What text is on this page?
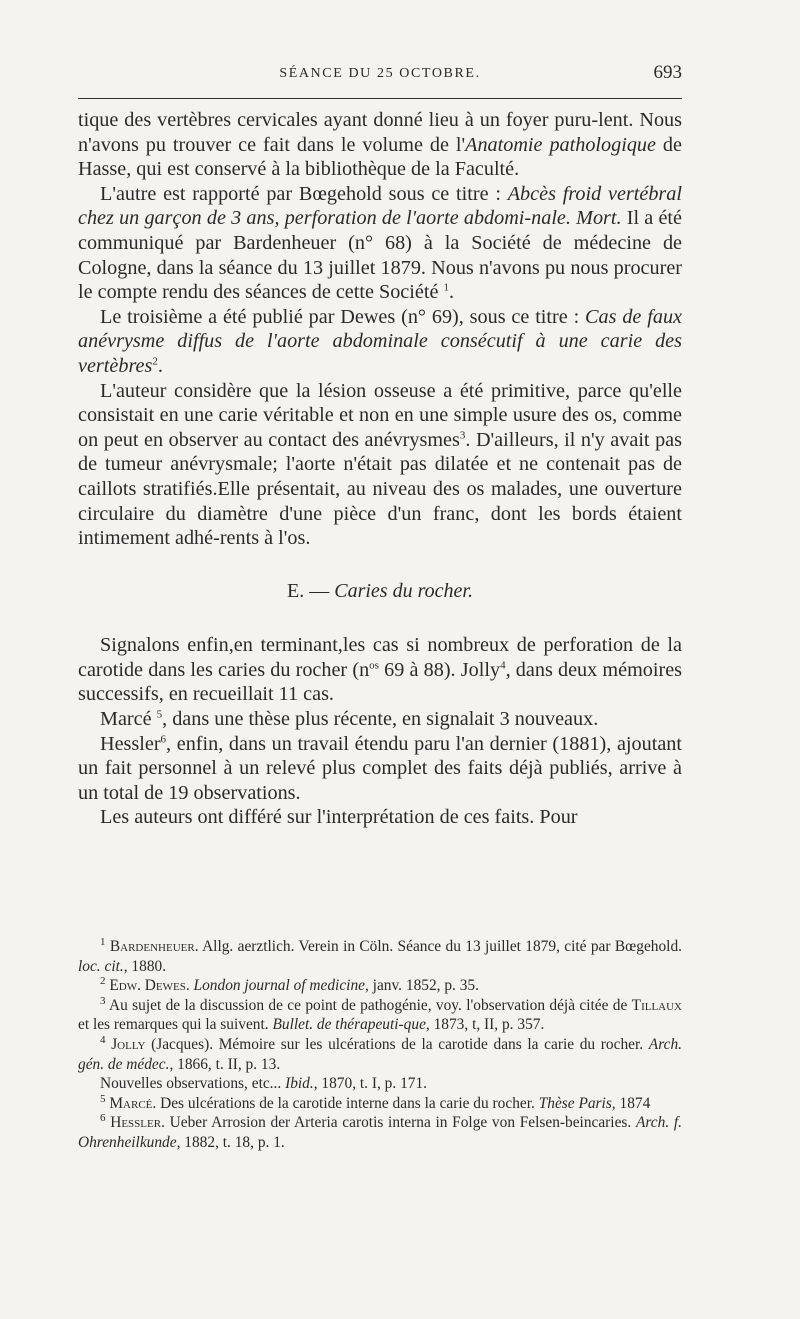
SÉANCE DU 25 OCTOBRE.	693

tique des vertèbres cervicales ayant donné lieu à un foyer puru-lent. Nous n'avons pu trouver ce fait dans le volume de l'Anatomie pathologique de Hasse, qui est conservé à la bibliothèque de la Faculté.

L'autre est rapporté par Bœgehold sous ce titre : Abcès froid vertébral chez un garçon de 3 ans, perforation de l'aorte abdomi-nale. Mort. Il a été communiqué par Bardenheuer (n° 68) à la Société de médecine de Cologne, dans la séance du 13 juillet 1879. Nous n'avons pu nous procurer le compte rendu des séances de cette Société $^1$.

Le troisième a été publié par Dewes (n° 69), sous ce titre : Cas de faux anévrysme diffus de l'aorte abdominale consécutif à une carie des vertèbres$^2$.

L'auteur considère que la lésion osseuse a été primitive, parce qu'elle consistait en une carie véritable et non en une simple usure des os, comme on peut en observer au contact des anévrysmes$^3$. D'ailleurs, il n'y avait pas de tumeur anévrysmale; l'aorte n'était pas dilatée et ne contenait pas de caillots stratifiés.Elle présentait, au niveau des os malades, une ouverture circulaire du diamètre d'une pièce d'un franc, dont les bords étaient intimement adhé-rents à l'os.

E. — Caries du rocher.

Signalons enfin,en terminant,les cas si nombreux de perforation de la carotide dans les caries du rocher ($n^{os}$ 69 à 88). Jolly$^4$, dans deux mémoires successifs, en recueillait 11 cas.

Marcé $^5$, dans une thèse plus récente, en signalait 3 nouveaux.

Hessler$^6$, enfin, dans un travail étendu paru l'an dernier (1881), ajoutant un fait personnel à un relevé plus complet des faits déjà publiés, arrive à un total de 19 observations.

Les auteurs ont différé sur l'interprétation de ces faits. Pour

$^1$ Bardenheuer. Allg. aerztlich. Verein in Cöln. Séance du 13 juillet 1879, cité par Bœgehold. loc. cit., 1880.

$^2$ Edw. Dewes. London journal of medicine, janv. 1852, p. 35.

$^3$ Au sujet de la discussion de ce point de pathogénie, voy. l'observation déjà citée de Tillaux et les remarques qui la suivent. Bullet. de thérapeuti-que, 1873, t, II, p. 357.

$^4$ Jolly (Jacques). Mémoire sur les ulcérations de la carotide dans la carie du rocher. Arch. gén. de médec., 1866, t. II, p. 13.

Nouvelles observations, etc... Ibid., 1870, t. I, p. 171.

$^5$ Marcé. Des ulcérations de la carotide interne dans la carie du rocher. Thèse Paris, 1874

$^6$ Hessler. Ueber Arrosion der Arteria carotis interna in Folge von Felsen-beincaries. Arch. f. Ohrenheilkunde, 1882, t. 18, p. 1.
